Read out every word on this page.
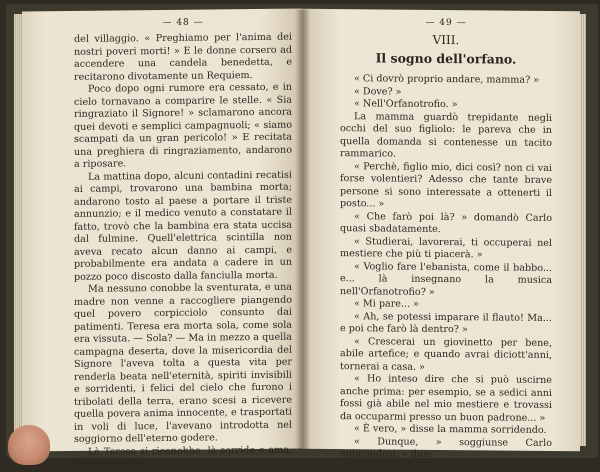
— 48 —

del villaggio. « Preghiamo per l'anima dei nostri poveri morti! » E le donne corsero ad accendere una candela benedetta, e recitarono divotamente un Requiem.

Poco dopo ogni rumore era cessato, e in cielo tornavano a comparire le stelle. « Sia ringraziato il Signore! » sclamarono ancora quei devoti e semplici campagnuoli; « siamo scampati da un gran pericolo! » E recitata una preghiera di ringraziamento, andarono a riposare.

La mattina dopo, alcuni contadini recatisi ai campi, trovarono una bambina morta; andarono tosto al paese a portare il triste annunzio; e il medico venuto a constatare il fatto, trovò che la bambina era stata uccisa dal fulmine. Quell'elettrica scintilla non aveva recato alcun danno ai campi, e probabilmente era andata a cadere in un pozzo poco discosto dalla fanciulla morta.

Ma nessuno conobbe la sventurata, e una madre non venne a raccogliere piangendo quel povero corpicciolo consunto dai patimenti. Teresa era morta sola, come sola era vissuta. — Sola? — Ma in mezzo a quella campagna deserta, dove la misericordia del Signore l'aveva tolta a questa vita per renderla beata nell'eternità, spiriti invisibili e sorridenti, i felici del cielo che furono i tribolati della terra, erano scesi a ricevere quella povera anima innocente, e trasportati in voli di luce, l'avevano introdotta nel soggiorno dell'eterno godere.

Là Teresa si riconobbe; là sorride e ama, là prega e vive.

— 49 —
VIII.
Il sogno dell'orfano.

« Ci dovrò proprio andare, mamma? »

« Dove? »

« Nell'Orfanotrofio. »

La mamma guardò trepidante negli occhi del suo figliolo: le pareva che in quella domanda si contenesse un tacito rammarico.

« Perchè, figlio mio, dici così? non ci vai forse volentieri? Adesso che tante brave persone si sono interessate a ottenerti il posto... »

« Che farò poi là? » domandò Carlo quasi sbadatamente.

« Studierai, lavorerai, ti occuperai nel mestiere che più ti piacerà. »

« Voglio fare l'ebanista, come il babbo... e... là insegnano la musica nell'Orfanotrofio? »

« Mi pare... »

« Ah, se potessi imparare il flauto! Ma... e poi che farò là dentro? »

« Crescerai un giovinetto per bene, abile artefice; e quando avrai diciott'anni, tornerai a casa. »

« Ho inteso dire che si può uscirne anche prima: per esempio, se a sedici anni fossi già abile nel mio mestiere e trovassi da occuparmi presso un buon padrone... »

« È vero, » disse la mamma sorridendo.

« Dunque, » soggiunse Carlo animandosi, « dun-
